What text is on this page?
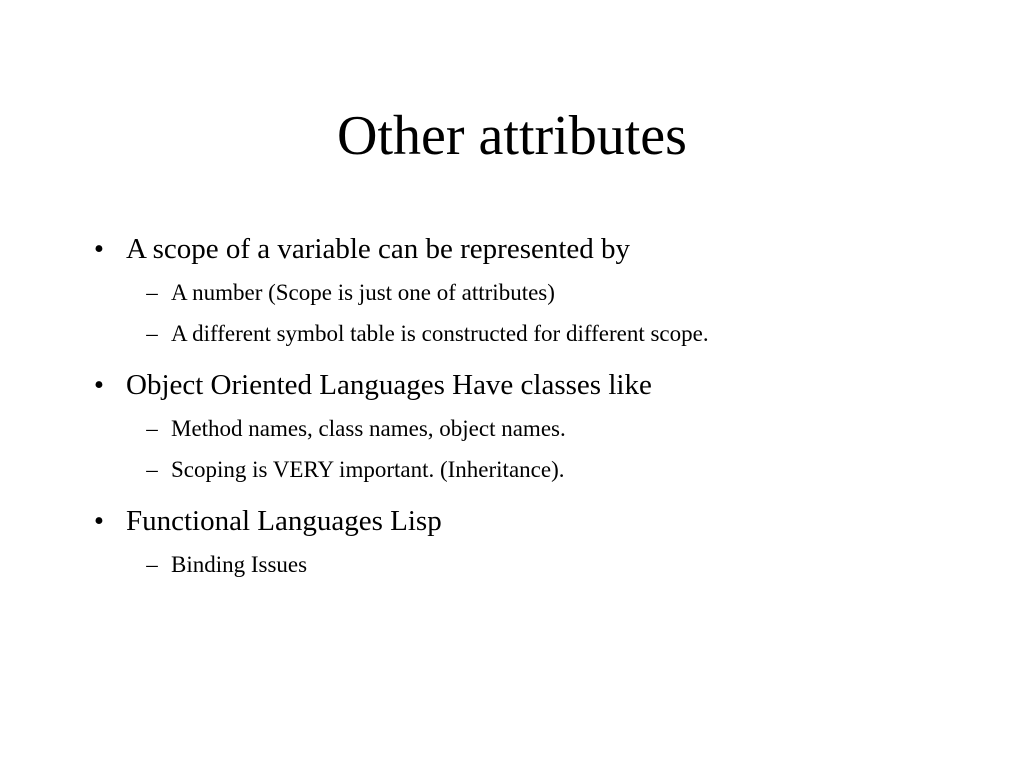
Other attributes
• A scope of a variable can be represented by
– A number (Scope is just one of attributes)
– A different symbol table is constructed for different scope.
• Object Oriented Languages Have classes like
– Method names, class names, object names.
– Scoping is VERY important. (Inheritance).
• Functional Languages Lisp
– Binding Issues
